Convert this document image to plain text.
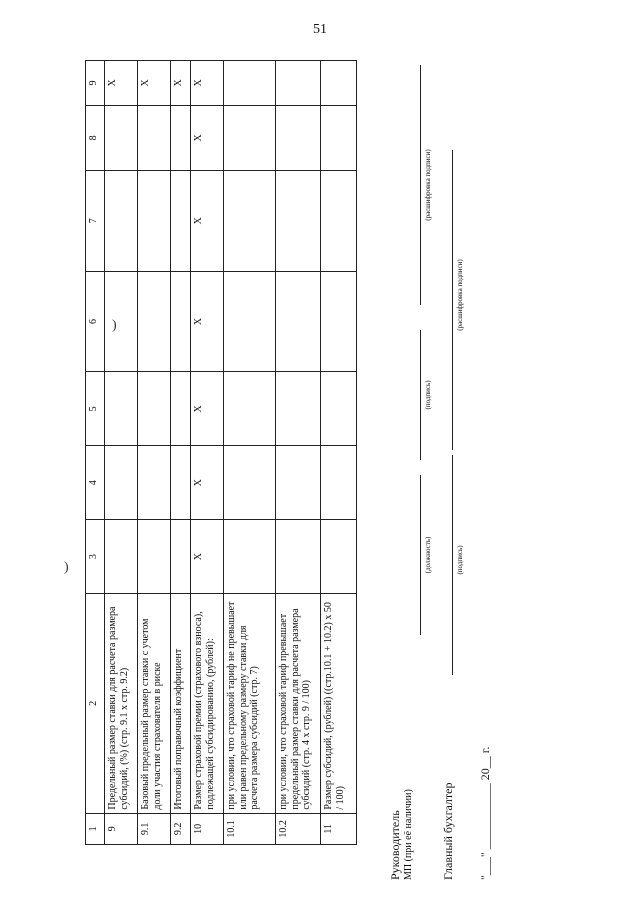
51
)
)
1	2	3	4	5	6	7	8	9
9	Предельный размер ставки для расчета размера субсидий, (%) (стр. 9.1 х стр. 9.2)							X
9.1	Базовый предельный размер ставки с учетом доли участия страхователя в риске							X
9.2	Итоговый поправочный коэффициент							X
10	Размер страховой премии (страхового взноса), подлежащей субсидированию, (рублей):	X	X	X	X	X	X	X
10.1	при условии, что страховой тариф не превышает или равен предельному размеру ставки для расчета размера субсидий (стр. 7)							
10.2	при условии, что страховой тариф превышает предельный размер ставки для расчета размера субсидий (стр. 4 х стр. 9 / 100)							
11	Размер субсидий, (рублей) ((стр.10.1 + 10.2) х 50 / 100)							
Руководитель МП (при её наличии)
(должность)
(подпись)
(расшифровка подписи)
Главный бухгалтер
(подпись)
(расшифровка подписи)
"___" ___________ 20__ г.
